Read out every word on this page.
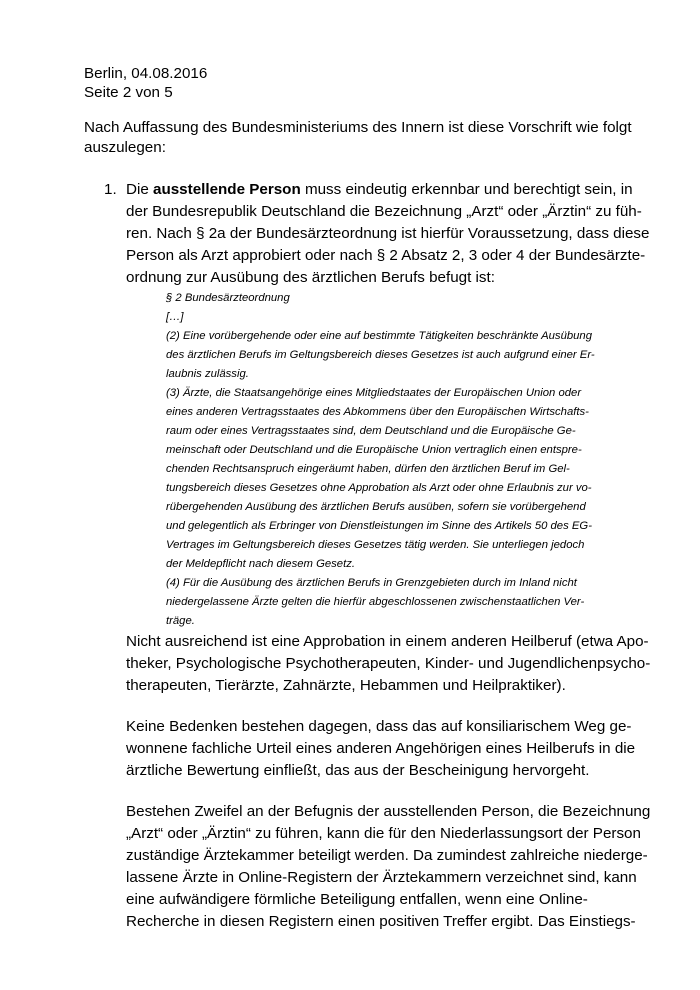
Berlin, 04.08.2016
Seite 2 von 5
Nach Auffassung des Bundesministeriums des Innern ist diese Vorschrift wie folgt
auszulegen:
1. Die ausstellende Person muss eindeutig erkennbar und berechtigt sein, in
der Bundesrepublik Deutschland die Bezeichnung „Arzt“ oder „Ärztin“ zu füh-
ren. Nach § 2a der Bundesärzteordnung ist hierfür Voraussetzung, dass diese
Person als Arzt approbiert oder nach § 2 Absatz 2, 3 oder 4 der Bundesärzte-
ordnung zur Ausübung des ärztlichen Berufs befugt ist:
§ 2 Bundesärzteordnung
[…]
(2) Eine vorübergehende oder eine auf bestimmte Tätigkeiten beschränkte Ausübung
des ärztlichen Berufs im Geltungsbereich dieses Gesetzes ist auch aufgrund einer Er-
laubnis zulässig.
(3) Ärzte, die Staatsangehörige eines Mitgliedstaates der Europäischen Union oder
eines anderen Vertragsstaates des Abkommens über den Europäischen Wirtschafts-
raum oder eines Vertragsstaates sind, dem Deutschland und die Europäische Ge-
meinschaft oder Deutschland und die Europäische Union vertraglich einen entspre-
chenden Rechtsanspruch eingeräumt haben, dürfen den ärztlichen Beruf im Gel-
tungsbereich dieses Gesetzes ohne Approbation als Arzt oder ohne Erlaubnis zur vo-
rübergehenden Ausübung des ärztlichen Berufs ausüben, sofern sie vorübergehend
und gelegentlich als Erbringer von Dienstleistungen im Sinne des Artikels 50 des EG-
Vertrages im Geltungsbereich dieses Gesetzes tätig werden. Sie unterliegen jedoch
der Meldepflicht nach diesem Gesetz.
(4) Für die Ausübung des ärztlichen Berufs in Grenzgebieten durch im Inland nicht
niedergelassene Ärzte gelten die hierfür abgeschlossenen zwischenstaatlichen Ver-
träge.
Nicht ausreichend ist eine Approbation in einem anderen Heilberuf (etwa Apo-
theker, Psychologische Psychotherapeuten, Kinder- und Jugendlichenpsycho-
therapeuten, Tierärzte, Zahnärzte, Hebammen und Heilpraktiker).
Keine Bedenken bestehen dagegen, dass das auf konsiliarischem Weg ge-
wonnene fachliche Urteil eines anderen Angehörigen eines Heilberufs in die
ärztliche Bewertung einfließt, das aus der Bescheinigung hervorgeht.
Bestehen Zweifel an der Befugnis der ausstellenden Person, die Bezeichnung
„Arzt“ oder „Ärztin“ zu führen, kann die für den Niederlassungsort der Person
zuständige Ärztekammer beteiligt werden. Da zumindest zahlreiche niederge-
lassene Ärzte in Online-Registern der Ärztekammern verzeichnet sind, kann
eine aufwändigere förmliche Beteiligung entfallen, wenn eine Online-
Recherche in diesen Registern einen positiven Treffer ergibt. Das Einstiegs-
